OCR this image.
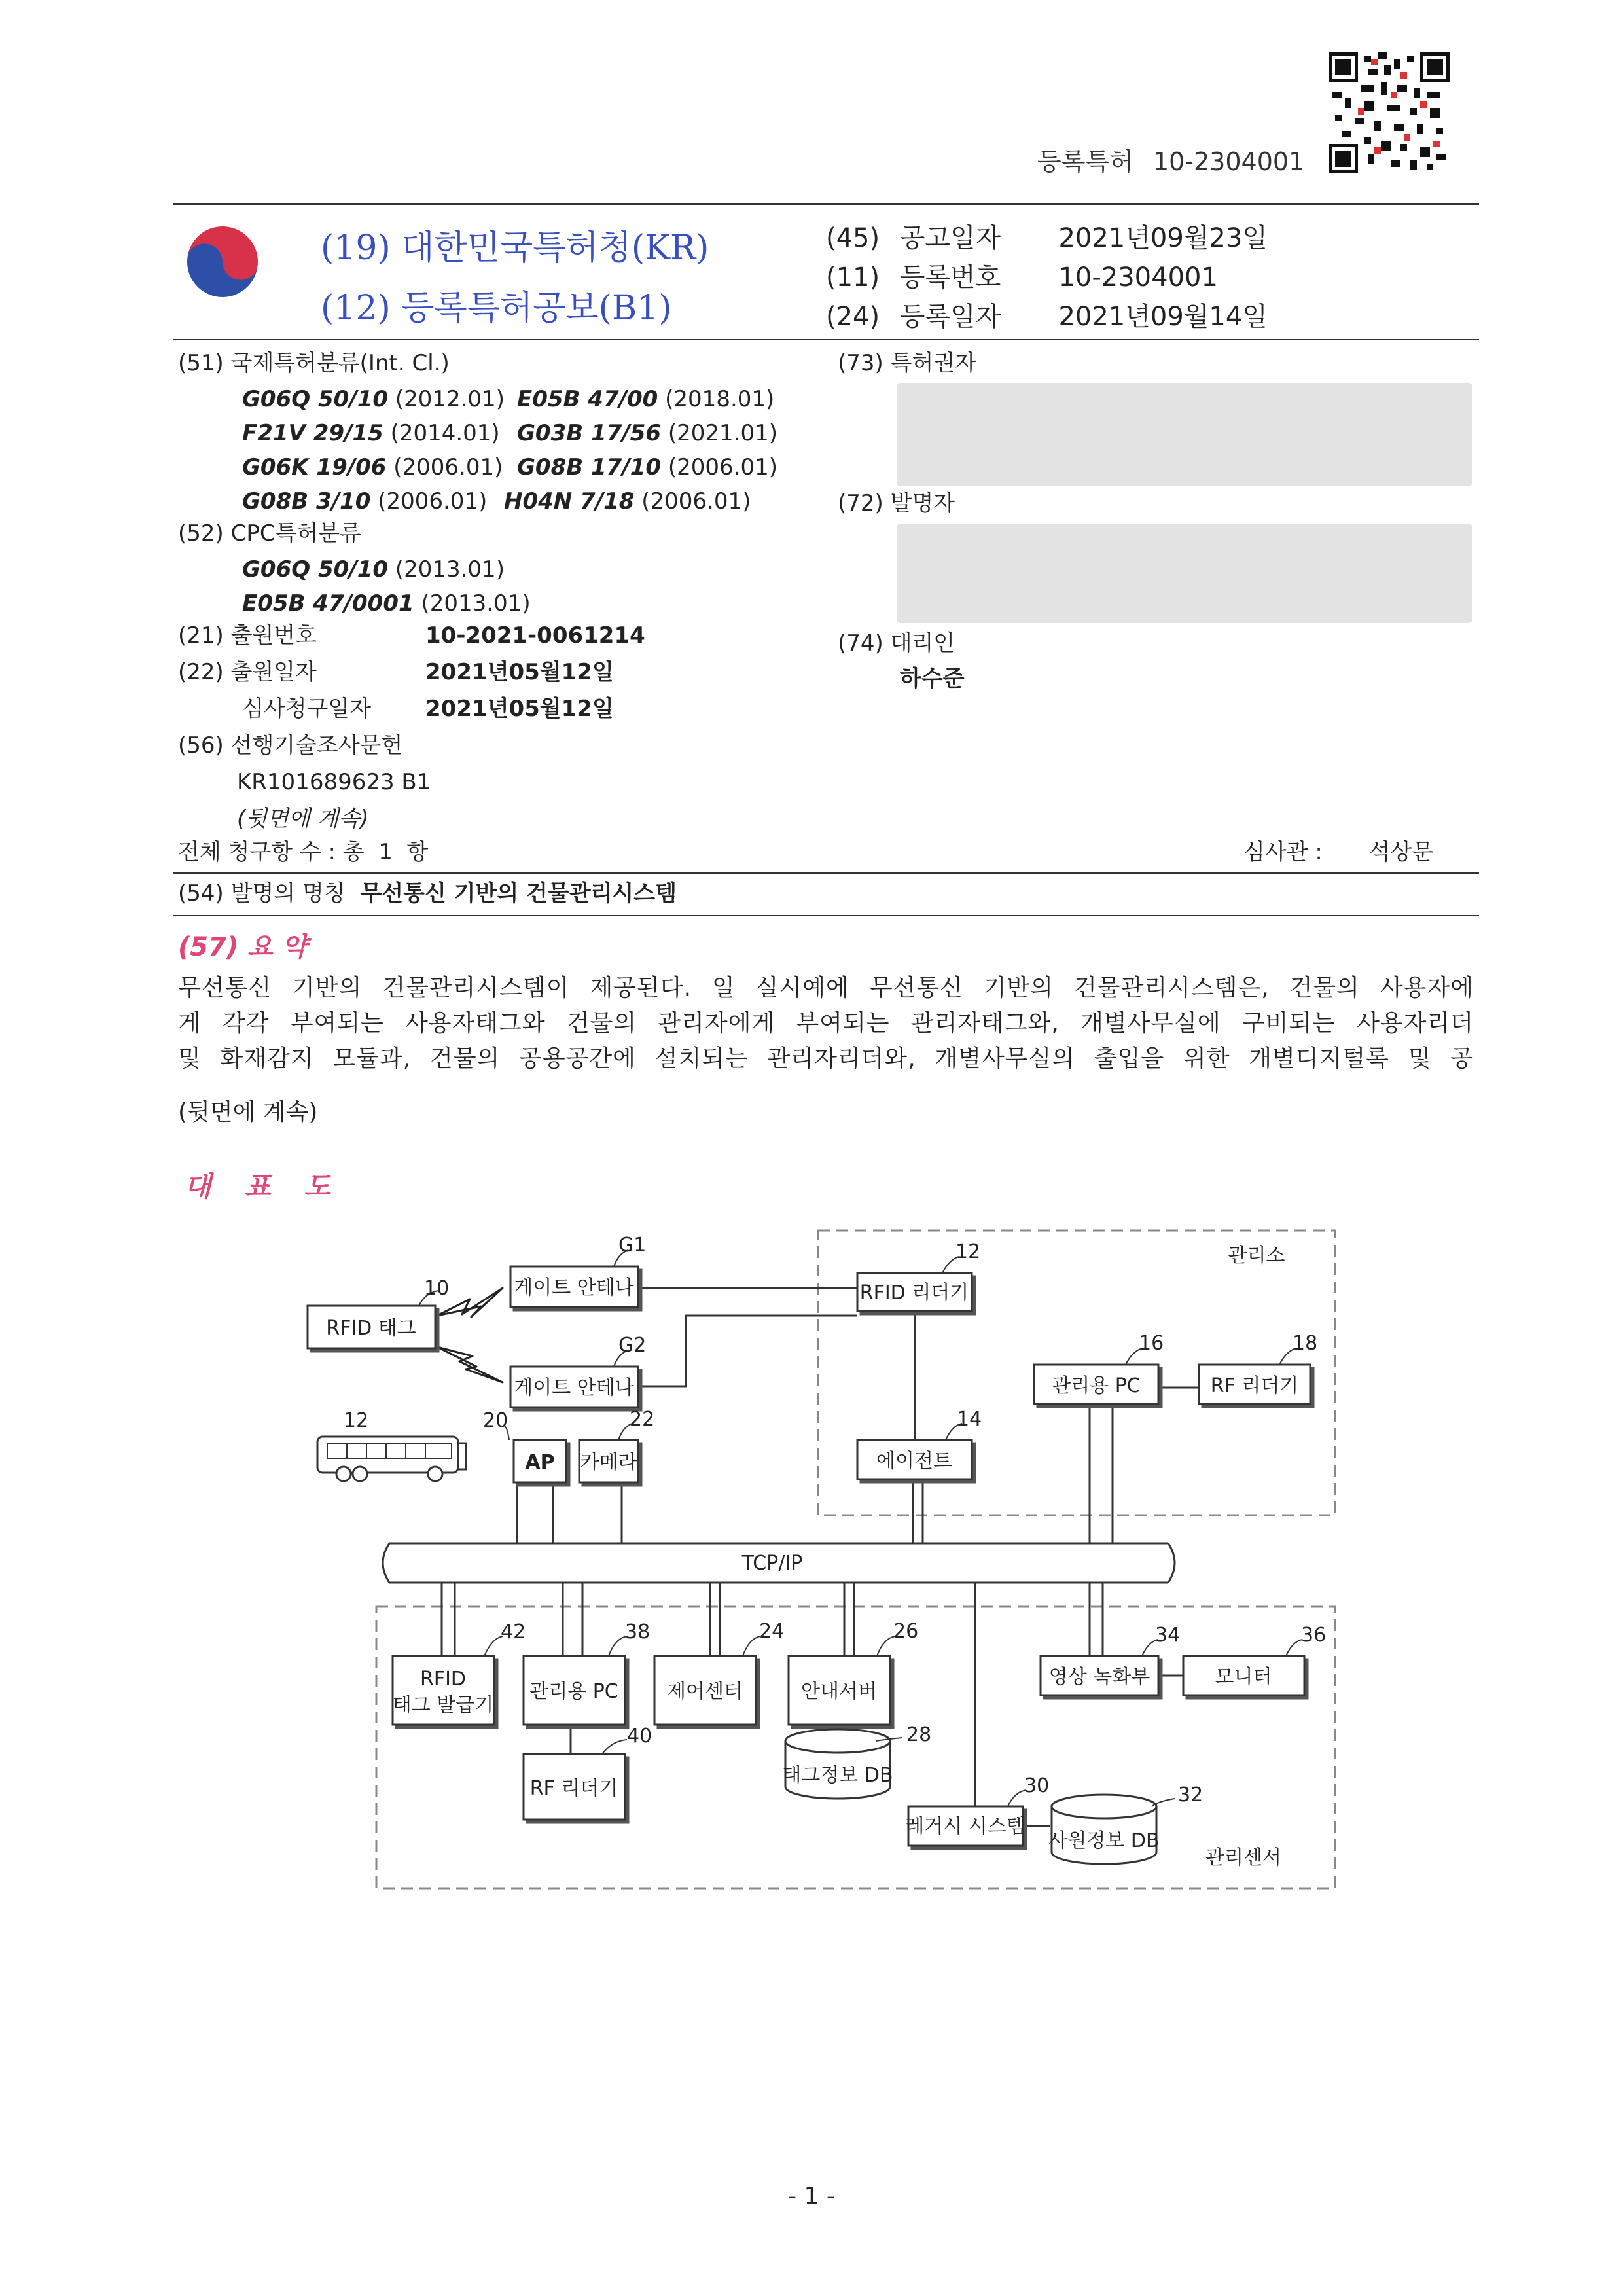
등록특허 10-2304001
(19) 대한민국특허청(KR)
(12) 등록특허공보(B1)
(45) 공고일자 2021년09월23일
(11) 등록번호 10-2304001
(24) 등록일자 2021년09월14일
(51) 국제특허분류(Int. Cl.)
G06Q 50/10 (2012.01) E05B 47/00 (2018.01)
F21V 29/15 (2014.01) G03B 17/56 (2021.01)
G06K 19/06 (2006.01) G08B 17/10 (2006.01)
G08B 3/10 (2006.01) H04N 7/18 (2006.01)
(52) CPC특허분류
G06Q 50/10 (2013.01)
E05B 47/0001 (2013.01)
(21) 출원번호	10-2021-0061214
(22) 출원일자	2021년05월12일
심사청구일자 2021년05월12일
(56) 선행기술조사문헌
KR101689623 B1
(뒷면에 계속)
(73) 특허권자
(72) 발명자
(74) 대리인
하수준
전체 청구항 수 : 총  1  항	심사관 : 석상문
(54) 발명의 명칭 무선통신 기반의 건물관리시스템
(57) 요 약

무선통신 기반의 건물관리시스템이 제공된다. 일 실시예에 무선통신 기반의 건물관리시스템은, 건물의 사용자에

게 각각 부여되는 사용자태그와 건물의 관리자에게 부여되는 관리자태그와, 개별사무실에 구비되는 사용자리더

및 화재감지 모듈과, 건물의 공용공간에 설치되는 관리자리더와, 개별사무실의 출입을 위한 개별디지털록 및 공

(뒷면에 계속)
대 표 도
RFID 태그
게이트 안테나
게이트 안테나
RFID 리더기
에이전트
관리용 PC	RF 리더기
AP 카메라
TCP/IP
RFID
태그 발급기
관리용 PC
RF 리더기
제어센터	안내서버
태그정보 DB
레거시 시스템
사원정보 DB
영상 녹화부	모니터
관리소
관리센서
G1
G2
10
12
12	14
16	18
20	22
24	26
28
30	32
34	36
38
40
42
- 1 -
